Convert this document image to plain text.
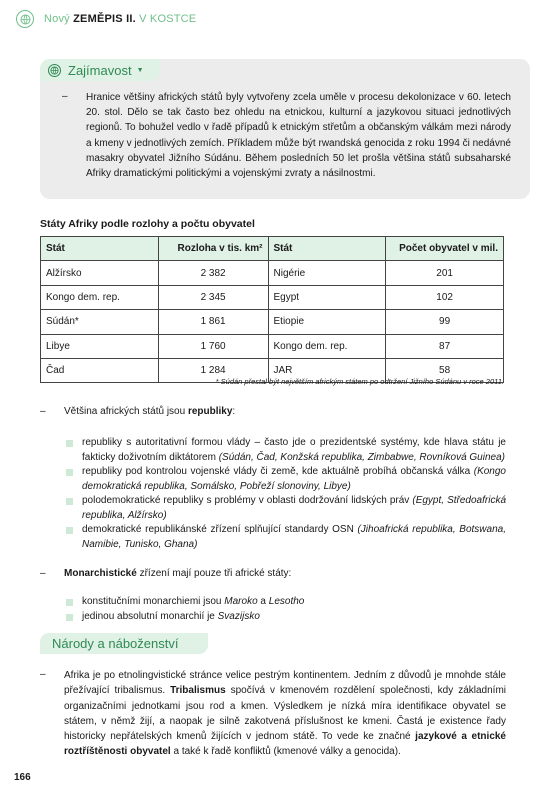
Nový ZEMĚPIS II. V KOSTCE
Zajímavost ▼
– Hranice většiny afrických států byly vytvořeny zcela uměle v procesu dekolonizace v 60. letech 20. stol. Dělo se tak často bez ohledu na etnickou, kulturní a jazykovou situaci jednotlivých regionů. To bohužel vedlo v řadě případů k etnickým střetům a občanským válkám mezi národy a kmeny v jednotlivých zemích. Příkladem může být rwandská genocida z roku 1994 či nedávné masakry obyvatel Jižního Súdánu. Během posledních 50 let prošla většina států subsaharské Afriky dramatickými politickými a vojenskými zvraty a násilnostmi.

Státy Afriky podle rozlohy a počtu obyvatel
Stát	Rozloha v tis. km²	Stát	Počet obyvatel v mil.
Alžírsko	2 382	Nigérie	201
Kongo dem. rep.	2 345	Egypt	102
Súdán*	1 861	Etiopie	99
Libye	1 760	Kongo dem. rep.	87
Čad	1 284	JAR	58
* Súdán přestal být největším africkým státem po odtržení Jižního Súdánu v roce 2011.
– Většina afrických států jsou republiky:
republiky s autoritativní formou vlády – často jde o prezidentské systémy, kde hlava státu je fakticky doživotním diktátorem (Súdán, Čad, Konžská republika, Zimbabwe, Rovníková Guinea)
republiky pod kontrolou vojenské vlády či země, kde aktuálně probíhá občanská válka (Kongo demokratická republika, Somálsko, Pobřeží slonoviny, Libye)
polodemokratické republiky s problémy v oblasti dodržování lidských práv (Egypt, Středoafrická republika, Alžírsko)
demokratické republikánské zřízení splňující standardy OSN (Jihoafrická republika, Botswana, Namibie, Tunisko, Ghana)
– Monarchistické zřízení mají pouze tři africké státy:
konstitučními monarchiemi jsou Maroko a Lesotho
jedinou absolutní monarchií je Svazijsko
Národy a náboženství
– Afrika je po etnolingvistické stránce velice pestrým kontinentem. Jedním z důvodů je mnohde stále přežívající tribalismus. Tribalismus spočívá v kmenovém rozdělení společnosti, kdy základními organizačními jednotkami jsou rod a kmen. Výsledkem je nízká míra identifikace obyvatel se státem, v němž žijí, a naopak je silně zakotvená příslušnost ke kmeni. Častá je existence řady historicky nepřátelských kmenů žijících v jednom státě. To vede ke značné jazykové a etnické roztříštěnosti obyvatel a také k řadě konfliktů (kmenové války a genocida).

166
